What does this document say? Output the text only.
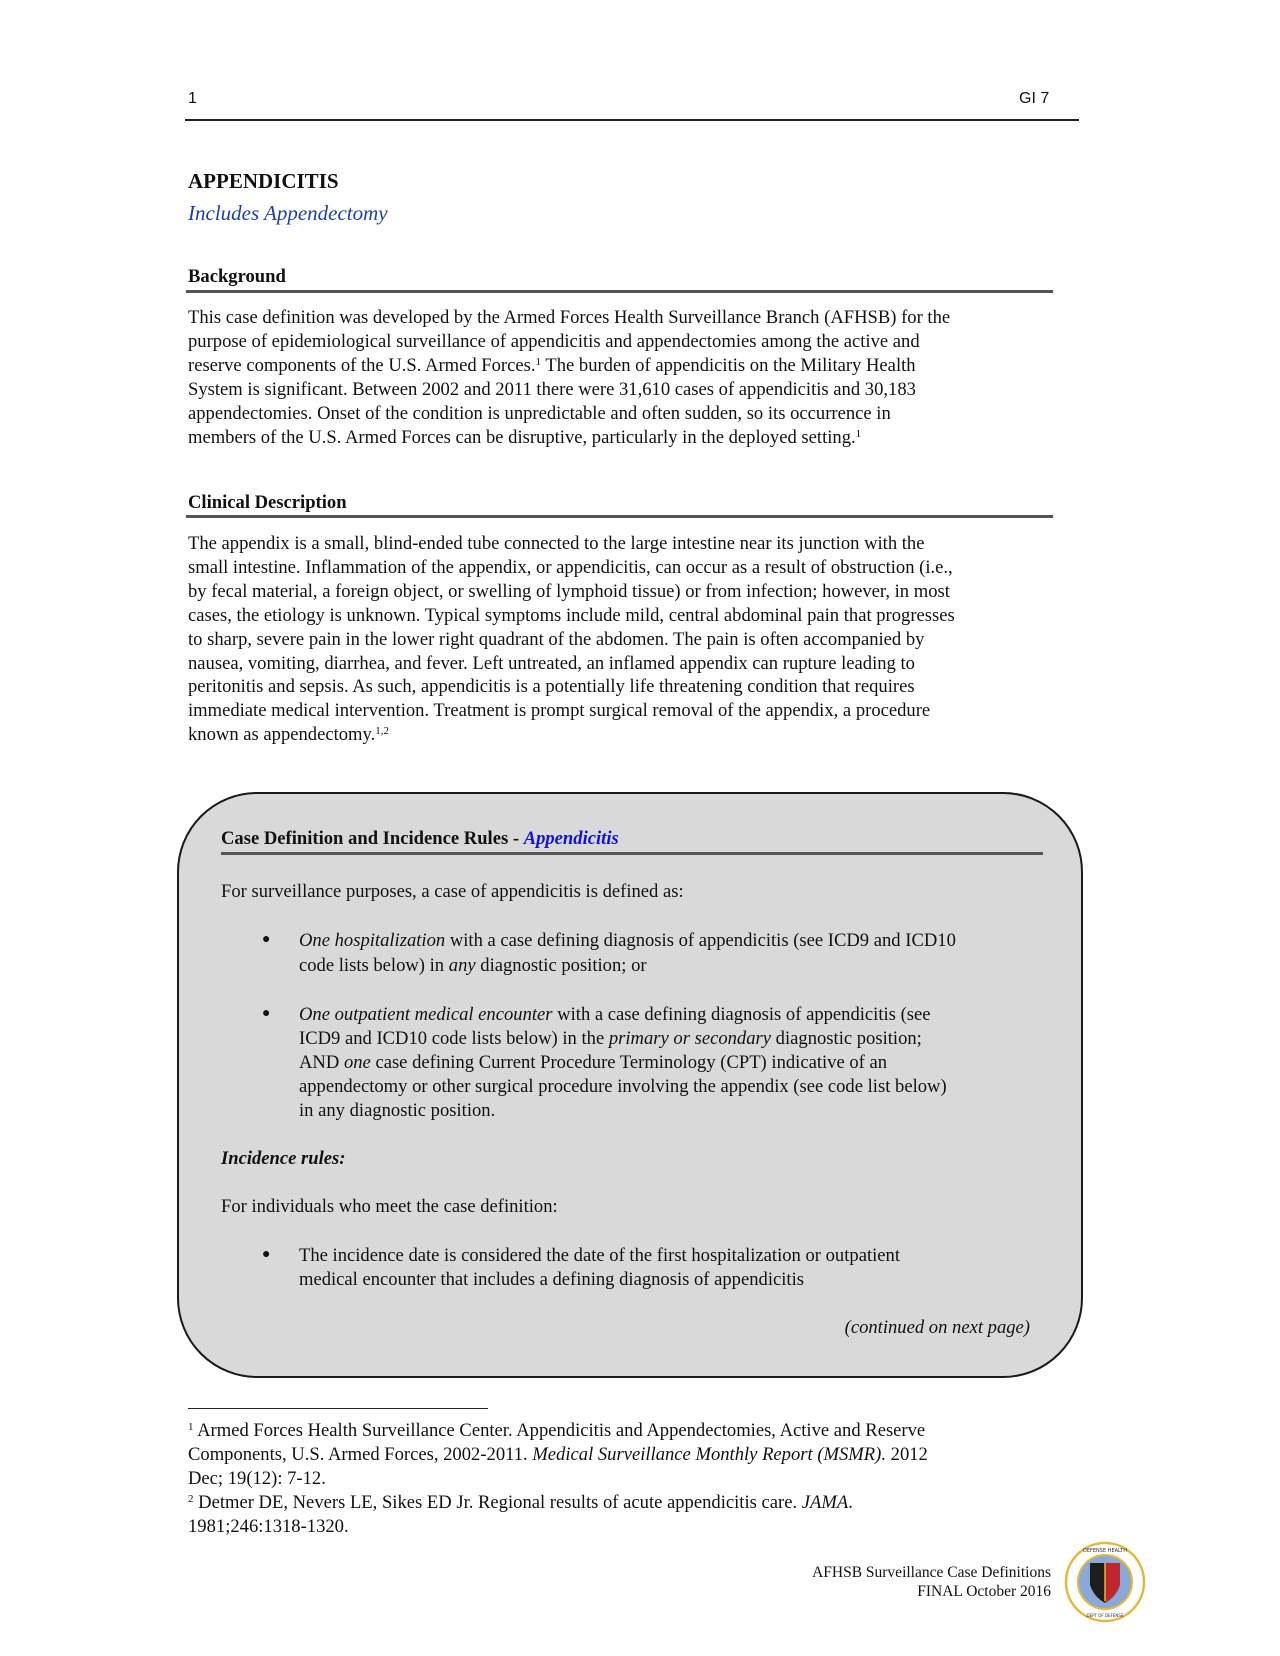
1	GI 7
APPENDICITIS
Includes Appendectomy
Background
This case definition was developed by the Armed Forces Health Surveillance Branch (AFHSB) for the
purpose of epidemiological surveillance of appendicitis and appendectomies among the active and
reserve components of the U.S. Armed Forces.$^1$ The burden of appendicitis on the Military Health
System is significant. Between 2002 and 2011 there were 31,610 cases of appendicitis and 30,183
appendectomies. Onset of the condition is unpredictable and often sudden, so its occurrence in
members of the U.S. Armed Forces can be disruptive, particularly in the deployed setting.$^1$
Clinical Description
The appendix is a small, blind-ended tube connected to the large intestine near its junction with the
small intestine. Inflammation of the appendix, or appendicitis, can occur as a result of obstruction (i.e.,
by fecal material, a foreign object, or swelling of lymphoid tissue) or from infection; however, in most
cases, the etiology is unknown. Typical symptoms include mild, central abdominal pain that progresses
to sharp, severe pain in the lower right quadrant of the abdomen. The pain is often accompanied by
nausea, vomiting, diarrhea, and fever. Left untreated, an inflamed appendix can rupture leading to
peritonitis and sepsis. As such, appendicitis is a potentially life threatening condition that requires
immediate medical intervention. Treatment is prompt surgical removal of the appendix, a procedure
known as appendectomy.$^{1,2}$
Case Definition and Incidence Rules - Appendicitis
For surveillance purposes, a case of appendicitis is defined as:
● One hospitalization with a case defining diagnosis of appendicitis (see ICD9 and ICD10
code lists below) in any diagnostic position; or
● One outpatient medical encounter with a case defining diagnosis of appendicitis (see
ICD9 and ICD10 code lists below) in the primary or secondary diagnostic position;
AND one case defining Current Procedure Terminology (CPT) indicative of an
appendectomy or other surgical procedure involving the appendix (see code list below)
in any diagnostic position.
Incidence rules:
For individuals who meet the case definition:
● The incidence date is considered the date of the first hospitalization or outpatient
medical encounter that includes a defining diagnosis of appendicitis
(continued on next page)
$^1$ Armed Forces Health Surveillance Center. Appendicitis and Appendectomies, Active and Reserve
Components, U.S. Armed Forces, 2002-2011. Medical Surveillance Monthly Report (MSMR). 2012
Dec; 19(12): 7-12.
$^2$ Detmer DE, Nevers LE, Sikes ED Jr. Regional results of acute appendicitis care. JAMA.
1981;246:1318-1320.
AFHSB Surveillance Case Definitions
FINAL October 2016
DEFENSE HEALTH
DEPT OF DEFENSE
